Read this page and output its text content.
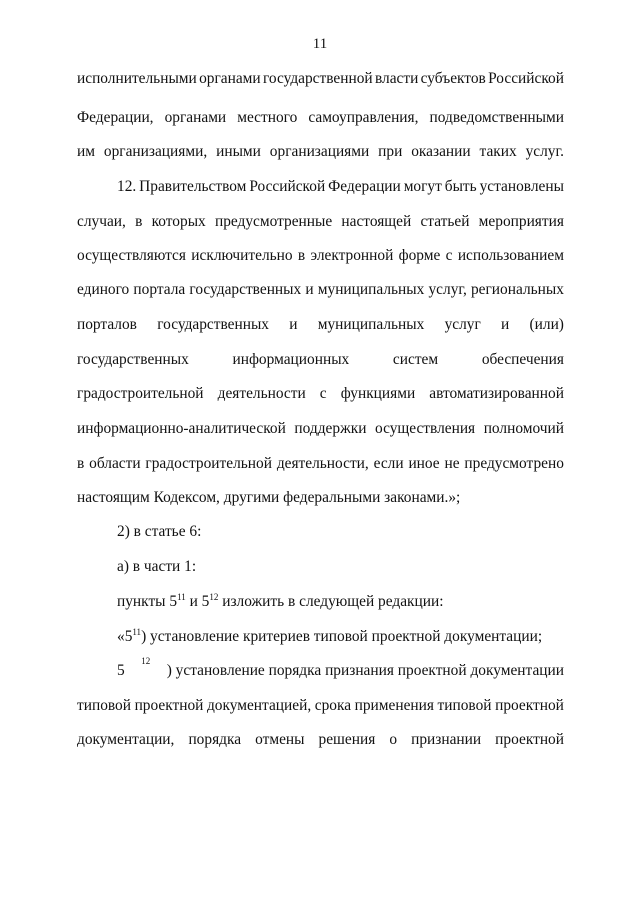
11
исполнительными органами государственной власти субъектов Российской
Федерации, органами местного самоуправления, подведомственными
им организациями, иными организациями при оказании таких услуг.
12. Правительством Российской Федерации могут быть установлены
случаи, в которых предусмотренные настоящей статьей мероприятия
осуществляются исключительно в электронной форме с использованием
единого портала государственных и муниципальных услуг, региональных
порталов государственных и муниципальных услуг и (или)
государственных	информационных	систем	обеспечения
градостроительной деятельности с функциями автоматизированной
информационно-аналитической поддержки осуществления полномочий
в области градостроительной деятельности, если иное не предусмотрено
настоящим Кодексом, другими федеральными законами.»;
2) в статье 6:
а) в части 1:
пункты $5^{11}$ и $5^{12}$ изложить в следующей редакции:
«$5^{11}$) установление критериев типовой проектной документации;
5
12
) установление порядка признания проектной документации
типовой проектной документацией, срока применения типовой проектной
документации, порядка отмены решения о признании проектной
